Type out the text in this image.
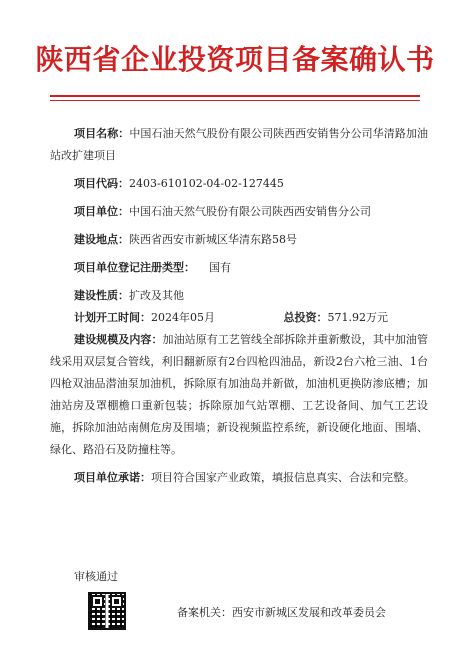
陕西省企业投资项目备案确认书

项目名称：中国石油天然气股份有限公司陕西西安销售分公司华清路加油站改扩建项目

项目代码：2403-610102-04-02-127445

项目单位：中国石油天然气股份有限公司陕西西安销售分公司

建设地点：陕西省西安市新城区华清东路58号

项目单位登记注册类型： 国有

建设性质：扩改及其他

计划开工时间：2024年05月	总投资：571.92万元

建设规模及内容：加油站原有工艺管线全部拆除并重新敷设，其中加油管线采用双层复合管线，利旧翻新原有2台四枪四油品，新设2台六枪三油、1台四枪双油品潜油泵加油机，拆除原有加油岛并新做，加油机更换防渗底槽；加油站房及罩棚檐口重新包装；拆除原加气站罩棚、工艺设备间、加气工艺设施，拆除加油站南侧危房及围墙；新设视频监控系统，新设硬化地面、围墙、绿化、路沿石及防撞柱等。

项目单位承诺：项目符合国家产业政策，填报信息真实、合法和完整。

审核通过
备案机关：西安市新城区发展和改革委员会
